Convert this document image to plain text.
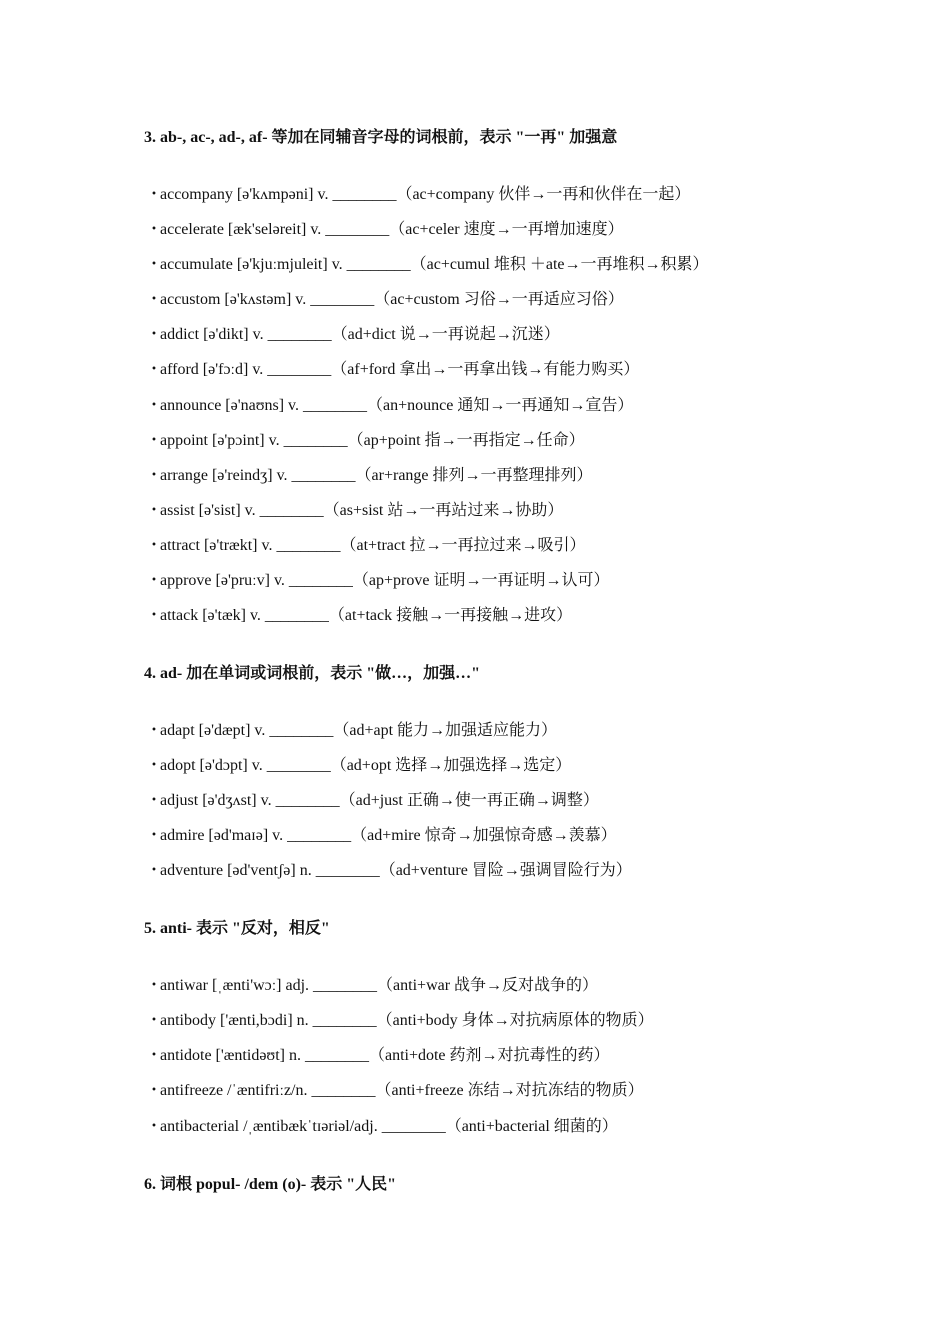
3. ab-, ac-, ad-, af- 等加在同辅音字母的词根前，表示 "一再" 加强意
・accompany [ə'kʌmpəni] v. ________（ac+company 伙伴→一再和伙伴在一起）
・accelerate [æk'seləreit] v. ________（ac+celer 速度→一再增加速度）
・accumulate [ə'kjuːmjuleit] v. ________（ac+cumul 堆积 ＋ate→一再堆积→积累）
・accustom [ə'kʌstəm] v. ________（ac+custom 习俗→一再适应习俗）
・addict [ə'dikt] v. ________（ad+dict 说→一再说起→沉迷）
・afford [ə'fɔːd] v. ________（af+ford 拿出→一再拿出钱→有能力购买）
・announce [ə'naʊns] v. ________（an+nounce 通知→一再通知→宣告）
・appoint [ə'pɔint] v. ________（ap+point 指→一再指定→任命）
・arrange [ə'reindʒ] v. ________（ar+range 排列→一再整理排列）
・assist [ə'sist] v. ________（as+sist 站→一再站过来→协助）
・attract [ə'trækt] v. ________（at+tract 拉→一再拉过来→吸引）
・approve [ə'pruːv] v. ________（ap+prove 证明→一再证明→认可）
・attack [ə'tæk] v. ________（at+tack 接触→一再接触→进攻）
4. ad- 加在单词或词根前，表示 "做…，加强…"
・adapt [ə'dæpt] v. ________（ad+apt 能力→加强适应能力）
・adopt [ə'dɔpt] v. ________（ad+opt 选择→加强选择→选定）
・adjust [ə'dʒʌst] v. ________（ad+just 正确→使一再正确→调整）
・admire [əd'maɪə] v. ________（ad+mire 惊奇→加强惊奇感→羡慕）
・adventure [əd'ventʃə] n. ________（ad+venture 冒险→强调冒险行为）
5. anti- 表示 "反对，相反"
・antiwar [ˌænti'wɔː] adj. ________（anti+war 战争→反对战争的）
・antibody ['ænti,bɔdi] n. ________（anti+body 身体→对抗病原体的物质）
・antidote ['æntidəʊt] n. ________（anti+dote 药剂→对抗毒性的药）
・antifreeze /ˈæntifriːz/n. ________（anti+freeze 冻结→对抗冻结的物质）
・antibacterial /ˌæntibækˈtɪəriəl/adj. ________（anti+bacterial 细菌的）
6. 词根 popul- /dem (o)- 表示 "人民"
